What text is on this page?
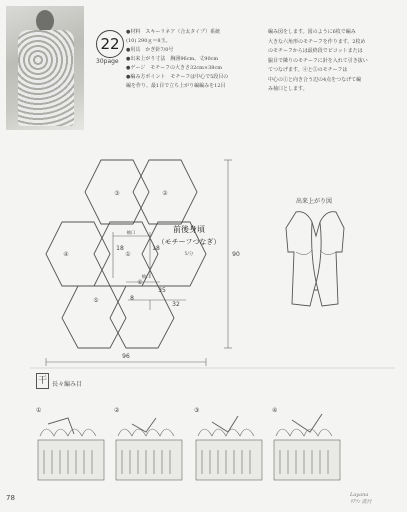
22
30page
●材料　スキーリネア（合太タイプ）系統
(10) 290ｇ＝8玉。
●用具　かぎ針7/0号
●出来上がり寸法　胸囲96cm、丈90cm
●ゲージ　モチーフの大きさ32cm×38cm
●編み方ポイント　モチーフは中心で5段目の
編を作り、最1目で立ち上がり編編みを12目
編み図をします。図のように6枚で編み
大きな六角形のモチーフを作ります。2枚め
のモチーフからは最終段でピコットまたは
脇目で隣りのモチーフに針を入れて引き抜い
てつなげます。④と⑤のモチーフは
中心の①と向き合う辺の4点をつなげて編
み袖口とします。
③	②
④	①
⑥
⑤
90
96
18	18
袖口
35
32
8
袖口
前後身頃
（モチーフつなぎ）
5/分
出来上がり図
①	②	③	④
干 長々編み目
78	Layana
ﾘｱｿﾝ 流行
